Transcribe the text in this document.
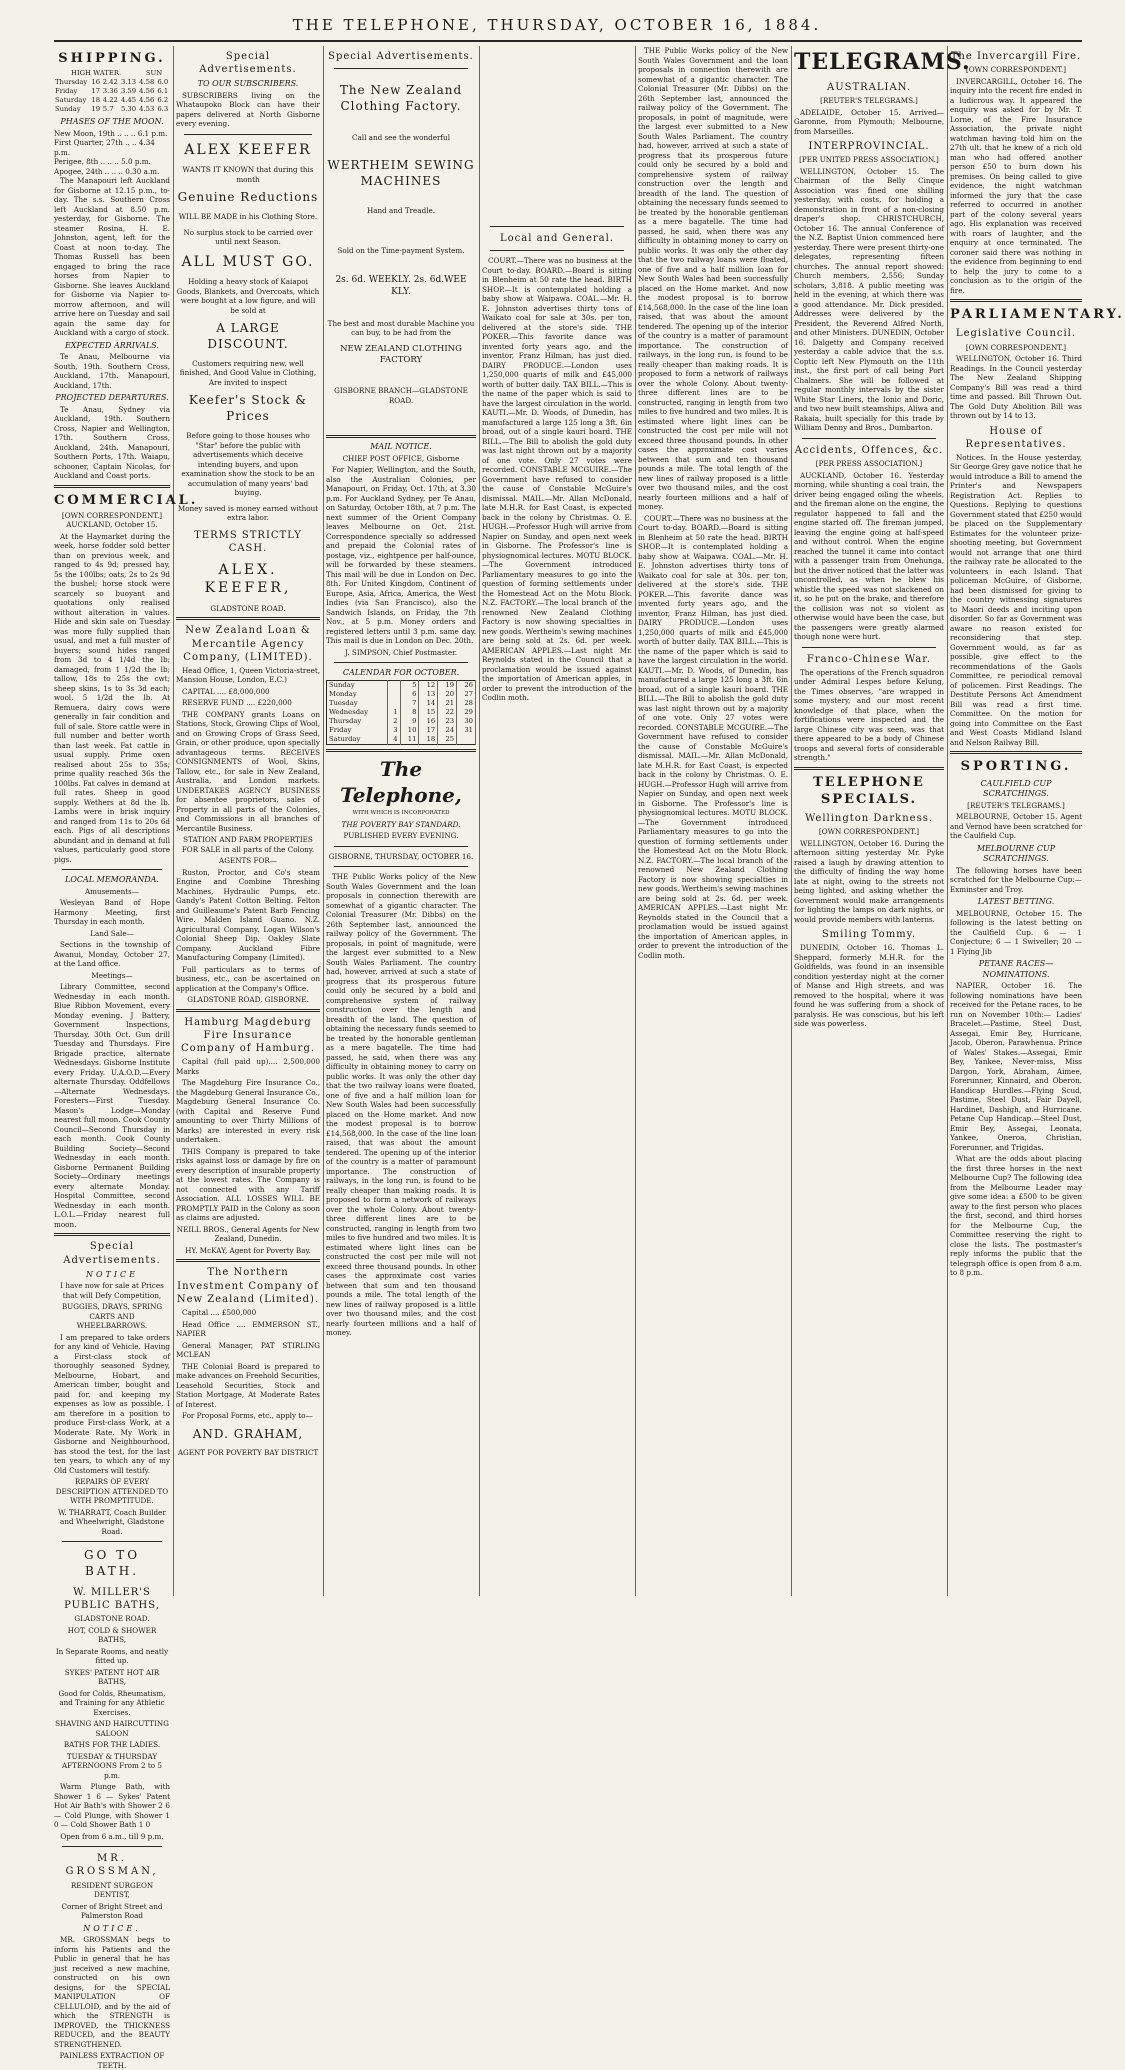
THE TELEPHONE, THURSDAY, OCTOBER 16, 1884.
SHIPPING.
HIGH WATER.				SUN	
Thursday	16	2.42	3.13	4.58	6.0
Friday	17	3.36	3.59	4.56	6.1
Saturday	18	4.22	4.45	4.56	6.2
Sunday	19	5.7	5.30	4.53	6.3
PHASES OF THE MOON.
New Moon, 19th .. .. .. 6.1 p.m.
First Quarter, 27th .. .. 4.34 p.m.
Perigee, 8th .. .. .. 5.0 p.m.
Apogee, 24th .. .. .. 0.30 a.m.

The Manapouri left Auckland for Gisborne at 12.15 p.m., to-day. The s.s. Southern Cross left Auckland at 8.50 p.m. yesterday, for Gisborne. The steamer Rosina, H. E. Johnston, agent, left for the Coast at noon to-day. The Thomas Russell has been engaged to bring the race horses from Napier to Gisborne. She leaves Auckland for Gisborne via Napier to-morrow afternoon, and will arrive here on Tuesday and sail again the same day for Auckland with a cargo of stock.

EXPECTED ARRIVALS.

Te Anau, Melbourne via South, 19th. Southern Cross, Auckland, 17th. Manapouri, Auckland, 17th.

PROJECTED DEPARTURES.

Te Anau, Sydney via Auckland, 19th. Southern Cross, Napier and Wellington, 17th. Southern Cross, Auckland, 24th. Manapouri, Southern Ports, 17th. Waiapu, schooner, Captain Nicolas, for Auckland and Coast ports.

COMMERCIAL.

[OWN CORRESPONDENT.] AUCKLAND, October 15.

At the Haymarket during the week, horse fodder sold better than on previous week, and ranged to 4s 9d; pressed hay, 5s the 100lbs; oats, 2s to 2s 9d the bushel; horse stock were scarcely so buoyant and quotations only realised without alteration in values. Hide and skin sale on Tuesday was more fully supplied than usual, and met a full muster of buyers; sound hides ranged from 3d to 4 1/4d the lb; damaged, from 1 1/2d the lb; tallow, 18s to 25s the cwt; sheep skins, 1s to 3s 3d each; wool, 5 1/2d the lb. At Remuera, dairy cows were generally in fair condition and full of sale. Store cattle were in full number and better worth than last week. Fat cattle in usual supply. Prime oxen realised about 25s to 35s; prime quality reached 36s the 100lbs. Fat calves in demand at full rates. Sheep in good supply. Wethers at 8d the lb. Lambs were in brisk inquiry and ranged from 11s to 20s 6d each. Pigs of all descriptions abundant and in demand at full values, particularly good store pigs.

LOCAL MEMORANDA.

Amusements—

Wesleyan Band of Hope Harmony Meeting, first Thursday in each month.

Land Sale—

Sections in the township of Awanui, Monday, October 27, at the Land office.

Meetings—

Library Committee, second Wednesday in each month. Blue Ribbon Movement, every Monday evening. J Battery, Government Inspections, Thursday, 30th Oct. Gun drill Tuesday and Thursdays. Fire Brigade practice, alternate Wednesdays. Gisborne Institute every Friday. U.A.O.D.—Every alternate Thursday. Oddfellows—Alternate Wednesdays. Foresters—First Tuesday. Mason's Lodge—Monday nearest full moon. Cook County Council—Second Thursday in each month. Cook County Building Society—Second Wednesday in each month. Gisborne Permanent Building Society—Ordinary meetings every alternate Monday. Hospital Committee, second Wednesday in each month. L.O.L.—Friday nearest full moon.

Special Advertisements.
NOTICE

I have now for sale at Prices that will Defy Competition,

BUGGIES, DRAYS, SPRING CARTS AND WHEELBARROWS.

I am prepared to take orders for any kind of Vehicle. Having a First-class stock of thoroughly seasoned Sydney, Melbourne, Hobart, and American timber, bought and paid for, and keeping my expenses as low as possible, I am therefore in a position to produce First-class Work, at a Moderate Rate. My Work in Gisborne and Neighbourhood, has stood the test, for the last ten years, to which any of my Old Customers will testify.

REPAIRS OF EVERY DESCRIPTION ATTENDED TO WITH PROMPTITUDE.

W. THARRATT, Coach Builder and Wheelwright, Gladstone Road.

GO TO BATH.
W. MILLER'S PUBLIC BATHS,

GLADSTONE ROAD.

HOT, COLD & SHOWER BATHS,

In Separate Rooms, and neatly fitted up.

SYKES' PATENT HOT AIR BATHS,

Good for Colds, Rheumatism, and Training for any Athletic Exercises.

SHAVING AND HAIRCUTTING SALOON

BATHS FOR THE LADIES.

TUESDAY & THURSDAY AFTERNOONS From 2 to 5 p.m.

Warm Plunge Bath, with Shower 1 6 — Sykes' Patent Hot Air Bath's with Shower 2 6 — Cold Plunge, with Shower 1 0 — Cold Shower Bath 1 0

Open from 6 a.m., till 9 p.m.

MR. GROSSMAN,

RESIDENT SURGEON DENTIST,

Corner of Bright Street and Palmerston Road

NOTICE.

MR. GROSSMAN begs to inform his Patients and the Public in general that he has just received a new machine, constructed on his own designs, for the SPECIAL MANIPULATION OF CELLULOID, and by the aid of which the STRENGTH is IMPROVED, the THICKNESS REDUCED, and the BEAUTY STRENGTHENED.

PAINLESS EXTRACTION OF TEETH.

Special Advertisements.
TO OUR SUBSCRIBERS.

SUBSCRIBERS living on the Whataupoko Block can have their papers delivered at North Gisborne every evening.

ALEX KEEFER

WANTS IT KNOWN that during this month

Genuine Reductions

WILL BE MADE in his Clothing Store.

No surplus stock to be carried over until next Season.

ALL MUST GO.

Holding a heavy stock of Kaiapoi Goods, Blankets, and Overcoats, which were bought at a low figure, and will be sold at

A LARGE DISCOUNT.

Customers requiring new, well finished, And Good Value in Clothing, Are invited to inspect

Keefer's Stock & Prices

Before going to those houses who "Star" before the public with advertisements which deceive intending buyers, and upon examination show the stock to be an accumulation of many years' bad buying.

Money saved is money earned without extra labor.

TERMS STRICTLY CASH.
ALEX. KEEFER,

GLADSTONE ROAD.

New Zealand Loan & Mercantile Agency Company, (LIMITED).

Head Office, 1, Queen Victoria-street, Mansion House, London, E.C.)

CAPITAL .... £8,000,000

RESERVE FUND .... £220,000

THE COMPANY grants Loans on Stations, Stock, Growing Clips of Wool, and on Growing Crops of Grass Seed, Grain, or other produce, upon specially advantageous terms. RECEIVES CONSIGNMENTS of Wool, Skins, Tallow, etc., for sale in New Zealand, Australia, and London markets. UNDERTAKES AGENCY BUSINESS for absentee proprietors, sales of Property in all parts of the Colonies, and Commissions in all branches of Mercantile Business.

STATION AND FARM PROPERTIES FOR SALE in all parts of the Colony.

AGENTS FOR—

Ruston, Proctor, and Co's steam Engine and Combine Threshing Machines, Hydraulic Pumps, etc. Gandy's Patent Cotton Belting. Felton and Guilleaume's Patent Barb Fencing Wire. Malden Island Guano. N.Z. Agricultural Company. Logan Wilson's Colonial Sheep Dip. Oakley Slate Company. Auckland Fibre Manufacturing Company (Limited).

Full particulars as to terms of business, etc., can be ascertained on application at the Company's Office.

GLADSTONE ROAD, GISBORNE.

Hamburg Magdeburg Fire Insurance Company of Hamburg.

Capital (full paid up).... 2,500,000 Marks

The Magdeburg Fire Insurance Co., the Magdeburg General Insurance Co., Magdeburg General Insurance Co. (with Capital and Reserve Fund amounting to over Thirty Millions of Marks) are interested in every risk undertaken.

THIS Company is prepared to take risks against loss or damage by fire on every description of insurable property at the lowest rates. The Company is not connected with any Tariff Association. ALL LOSSES WILL BE PROMPTLY PAID in the Colony as soon as claims are adjusted.

NEILL BROS., General Agents for New Zealand, Dunedin.

HY. McKAY, Agent for Poverty Bay.

The Northern Investment Company of New Zealand (Limited).

Capital .... £500,000

Head Office .... EMMERSON ST., NAPIER

General Manager, PAT STIRLING MCLEAN

THE Colonial Board is prepared to make advances on Freehold Securities, Leasehold Securities, Stock and Station Mortgage, At Moderate Rates of Interest.

For Proposal Forms, etc., apply to—

AND. GRAHAM,

AGENT FOR POVERTY BAY DISTRICT

Special Advertisements.
The New Zealand Clothing Factory.

Call and see the wonderful

WERTHEIM SEWING MACHINES

Hand and Treadle.

Sold on the Time-payment System.

2s. 6d. WEEKLY. 2s. 6d.WEE KLY.

The best and most durable Machine you can buy, to be had from the

NEW ZEALAND CLOTHING FACTORY

GISBORNE BRANCH—GLADSTONE ROAD.

MAIL NOTICE.

CHIEF POST OFFICE, Gisborne

For Napier, Wellington, and the South, also the Australian Colonies, per Manapouri, on Friday, Oct. 17th, at 3.30 p.m. For Auckland Sydney, per Te Anau, on Saturday, October 18th, at 7 p.m. The next summer of the Orient Company leaves Melbourne on Oct. 21st. Correspondence specially so addressed and prepaid the Colonial rates of postage, viz., eightpence per half-ounce, will be forwarded by these steamers. This mail will be due in London on Dec. 8th. For United Kingdom, Continent of Europe, Asia, Africa, America, the West Indies (via San Francisco), also the Sandwich Islands, on Friday, the 7th Nov., at 5 p.m. Money orders and registered letters until 3 p.m. same day. This mail is due in London on Dec. 20th.

J. SIMPSON, Chief Postmaster.

CALENDAR FOR OCTOBER.
Sunday		5	12	19	26
Monday		6	13	20	27
Tuesday		7	14	21	28
Wednesday	1	8	15	22	29
Thursday	2	9	16	23	30
Friday	3	10	17	24	31
Saturday	4	11	18	25	
The Telephone,

WITH WHICH IS INCORPORATED

THE POVERTY BAY STANDARD.

PUBLISHED EVERY EVENING.

GISBORNE, THURSDAY, OCTOBER 16.

THE Public Works policy of the New South Wales Government and the loan proposals in connection therewith are somewhat of a gigantic character. The Colonial Treasurer (Mr. Dibbs) on the 26th September last, announced the railway policy of the Government. The proposals, in point of magnitude, were the largest ever submitted to a New South Wales Parliament. The country had, however, arrived at such a state of progress that its prosperous future could only be secured by a bold and comprehensive system of railway construction over the length and breadth of the land. The question of obtaining the necessary funds seemed to be treated by the honorable gentleman as a mere bagatelle. The time had passed, he said, when there was any difficulty in obtaining money to carry on public works. It was only the other day that the two railway loans were floated, one of five and a half million loan for New South Wales had been successfully placed on the Home market. And now the modest proposal is to borrow £14,568,000. In the case of the line loan raised, that was about the amount tendered. The opening up of the interior of the country is a matter of paramount importance. The construction of railways, in the long run, is found to be really cheaper than making roads. It is proposed to form a network of railways over the whole Colony. About twenty-three different lines are to be constructed, ranging in length from two miles to five hundred and two miles. It is estimated where light lines can be constructed the cost per mile will not exceed three thousand pounds. In other cases the approximate cost varies between that sum and ten thousand pounds a mile. The total length of the new lines of railway proposed is a little over two thousand miles, and the cost nearly fourteen millions and a half of money.

Local and General.

COURT.—There was no business at the Court to-day. BOARD.—Board is sitting in Blenheim at 50 rate the head. BIRTH SHOP.—It is contemplated holding a baby show at Waipawa. COAL.—Mr. H. E. Johnston advertises thirty tons of Waikato coal for sale at 30s. per ton, delivered at the store's side. THE POKER.—This favorite dance was invented forty years ago, and the inventor, Franz Hilman, has just died. DAIRY PRODUCE.—London uses 1,250,000 quarts of milk and £45,000 worth of butter daily. TAX BILL.—This is the name of the paper which is said to have the largest circulation in the world. KAUTI.—Mr. D. Woods, of Dunedin, has manufactured a large 125 long a 3ft. 6in broad, out of a single kauri board. THE BILL.—The Bill to abolish the gold duty was last night thrown out by a majority of one vote. Only 27 votes were recorded. CONSTABLE MCGUIRE.—The Government have refused to consider the cause of Constable McGuire's dismissal. MAIL.—Mr. Allan McDonald, late M.H.R. for East Coast, is expected back in the colony by Christmas. O. E. HUGH.—Professor Hugh will arrive from Napier on Sunday, and open next week in Gisborne. The Professor's line is physiognomical lectures. MOTU BLOCK.—The Government introduced Parliamentary measures to go into the question of forming settlements under the Homestead Act on the Motu Block. N.Z. FACTORY.—The local branch of the renowned New Zealand Clothing Factory is now showing specialties in new goods. Wertheim's sewing machines are being sold at 2s. 6d. per week. AMERICAN APPLES.—Last night Mr. Reynolds stated in the Council that a proclamation would be issued against the importation of American apples, in order to prevent the introduction of the Codlin moth.

THE Public Works policy of the New South Wales Government and the loan proposals in connection therewith are somewhat of a gigantic character. The Colonial Treasurer (Mr. Dibbs) on the 26th September last, announced the railway policy of the Government. The proposals, in point of magnitude, were the largest ever submitted to a New South Wales Parliament. The country had, however, arrived at such a state of progress that its prosperous future could only be secured by a bold and comprehensive system of railway construction over the length and breadth of the land. The question of obtaining the necessary funds seemed to be treated by the honorable gentleman as a mere bagatelle. The time had passed, he said, when there was any difficulty in obtaining money to carry on public works. It was only the other day that the two railway loans were floated, one of five and a half million loan for New South Wales had been successfully placed on the Home market. And now the modest proposal is to borrow £14,568,000. In the case of the line loan raised, that was about the amount tendered. The opening up of the interior of the country is a matter of paramount importance. The construction of railways, in the long run, is found to be really cheaper than making roads. It is proposed to form a network of railways over the whole Colony. About twenty-three different lines are to be constructed, ranging in length from two miles to five hundred and two miles. It is estimated where light lines can be constructed the cost per mile will not exceed three thousand pounds. In other cases the approximate cost varies between that sum and ten thousand pounds a mile. The total length of the new lines of railway proposed is a little over two thousand miles, and the cost nearly fourteen millions and a half of money.

COURT.—There was no business at the Court to-day. BOARD.—Board is sitting in Blenheim at 50 rate the head. BIRTH SHOP.—It is contemplated holding a baby show at Waipawa. COAL.—Mr. H. E. Johnston advertises thirty tons of Waikato coal for sale at 30s. per ton, delivered at the store's side. THE POKER.—This favorite dance was invented forty years ago, and the inventor, Franz Hilman, has just died. DAIRY PRODUCE.—London uses 1,250,000 quarts of milk and £45,000 worth of butter daily. TAX BILL.—This is the name of the paper which is said to have the largest circulation in the world. KAUTI.—Mr. D. Woods, of Dunedin, has manufactured a large 125 long a 3ft. 6in broad, out of a single kauri board. THE BILL.—The Bill to abolish the gold duty was last night thrown out by a majority of one vote. Only 27 votes were recorded. CONSTABLE MCGUIRE.—The Government have refused to consider the cause of Constable McGuire's dismissal. MAIL.—Mr. Allan McDonald, late M.H.R. for East Coast, is expected back in the colony by Christmas. O. E. HUGH.—Professor Hugh will arrive from Napier on Sunday, and open next week in Gisborne. The Professor's line is physiognomical lectures. MOTU BLOCK.—The Government introduced Parliamentary measures to go into the question of forming settlements under the Homestead Act on the Motu Block. N.Z. FACTORY.—The local branch of the renowned New Zealand Clothing Factory is now showing specialties in new goods. Wertheim's sewing machines are being sold at 2s. 6d. per week. AMERICAN APPLES.—Last night Mr. Reynolds stated in the Council that a proclamation would be issued against the importation of American apples, in order to prevent the introduction of the Codlin moth.

TELEGRAMS.
AUSTRALIAN.

[REUTER'S TELEGRAMS.]

ADELAIDE, October 15. Arrived—Garonne, from Plymouth; Melbourne, from Marseilles.

INTERPROVINCIAL.

[PER UNITED PRESS ASSOCIATION.]

WELLINGTON, October 15. The Chairman of the Belly Cinque Association was fined one shilling yesterday, with costs, for holding a demonstration in front of a non-closing draper's shop. CHRISTCHURCH, October 16. The annual Conference of the N.Z. Baptist Union commenced here yesterday. There were present thirty-one delegates, representing fifteen churches. The annual report showed: Church members, 2,556; Sunday scholars, 3,818. A public meeting was held in the evening, at which there was a good attendance. Mr. Dick presided. Addresses were delivered by the President, the Reverend Alfred North, and other Ministers. DUNEDIN, October 16. Dalgetty and Company received yesterday a cable advice that the s.s. Coptic left New Plymouth on the 11th inst., the first port of call being Port Chalmers. She will be followed at regular monthly intervals by the sister White Star Liners, the Ionic and Doric, and two new built steamships, Aliwa and Rakaia, built specially for this trade by William Denny and Bros., Dumbarton.

Accidents, Offences, &c.

[PER PRESS ASSOCIATION.]

AUCKLAND, October 16. Yesterday morning, while shunting a coal train, the driver being engaged oiling the wheels, and the fireman alone on the engine, the regulator happened to fall and the engine started off. The fireman jumped, leaving the engine going at half-speed and without control. When the engine reached the tunnel it came into contact with a passenger train from Onehunga, but the driver noticed that the latter was uncontrolled, as when he blew his whistle the speed was not slackened on it, so he put on the brake, and therefore the collision was not so violent as otherwise would have been the case, but the passengers were greatly alarmed though none were hurt.

Franco-Chinese War.

The operations of the French squadron under Admiral Lespes before Kelung, the Times observes, "are wrapped in some mystery, and our most recent knowledge of that place, when the fortifications were inspected and the large Chinese city was seen, was that there appeared to be a body of Chinese troops and several forts of considerable strength."

TELEPHONE SPECIALS.
Wellington Darkness.

[OWN CORRESPONDENT.]

WELLINGTON, October 16. During the afternoon sitting yesterday Mr. Pyke raised a laugh by drawing attention to the difficulty of finding the way home late at night, owing to the streets not being lighted, and asking whether the Government would make arrangements for lighting the lamps on dark nights, or would provide members with lanterns.

Smiling Tommy.

DUNEDIN, October 16. Thomas L. Sheppard, formerly M.H.R. for the Goldfields, was found in an insensible condition yesterday night at the corner of Manse and High streets, and was removed to the hospital, where it was found he was suffering from a shock of paralysis. He was conscious, but his left side was powerless.

The Invercargill Fire.

[OWN CORRESPONDENT.]

INVERCARGILL, October 16. The inquiry into the recent fire ended in a ludicrous way. It appeared the enquiry was asked for by Mr. T. Lorne, of the Fire Insurance Association, the private night watchman having told him on the 27th ult. that he knew of a rich old man who had offered another person £50 to burn down his premises. On being called to give evidence, the night watchman informed the jury that the case referred to occurred in another part of the colony several years ago. His explanation was received with roars of laughter, and the enquiry at once terminated. The coroner said there was nothing in the evidence from beginning to end to help the jury to come to a conclusion as to the origin of the fire.

PARLIAMENTARY.
Legislative Council.

[OWN CORRESPONDENT.]

WELLINGTON, October 16. Third Readings. In the Council yesterday The New Zealand Shipping Company's Bill was read a third time and passed. Bill Thrown Out. The Gold Duty Abolition Bill was thrown out by 14 to 13.

House of Representatives.

Notices. In the House yesterday, Sir George Grey gave notice that he would introduce a Bill to amend the Printer's and Newspapers Registration Act. Replies to Questions. Replying to questions Government stated that £250 would be placed on the Supplementary Estimates for the volunteer prize-shooting meeting, but Government would not arrange that one third the railway rate be allocated to the volunteers in each Island. That policeman McGuire, of Gisborne, had been dismissed for giving to the country witnessing signatures to Maori deeds and inciting upon disorder. So far as Government was aware no reason existed for reconsidering that step. Government would, as far as possible, give effect to the recommendations of the Gaols Committee, re periodical removal of policemen. First Readings. The Destitute Persons Act Amendment Bill was read a first time. Committee. On the motion for going into Committee on the East and West Coasts Midland Island and Nelson Railway Bill.

SPORTING.
CAULFIELD CUP SCRATCHINGS.

[REUTER'S TELEGRAMS.]

MELBOURNE, October 15. Agent and Vernod have been scratched for the Caulfield Cup.

MELBOURNE CUP SCRATCHINGS.

The following horses have been scratched for the Melbourne Cup:—Exminster and Troy.

LATEST BETTING.

MELBOURNE, October 15. The following is the latest betting on the Caulfield Cup. 6 — 1 Conjecture; 6 — 1 Swiveller; 20 — 1 Flying Jib

PETANE RACES—NOMINATIONS.

NAPIER, October 16. The following nominations have been received for the Petane races, to be run on November 10th:— Ladies' Bracelet.—Pastime, Steel Dust, Assegai, Emir Bey, Hurricane, Jacob, Oberon, Parawhenua. Prince of Wales' Stakes.—Assegai, Emir Bey, Yankee, Never-miss, Miss Dargon, York, Abraham, Aimee, Forerunner, Kinnaird, and Oberon. Handicap Hurdles.—Flying Scud, Pastime, Steel Dust, Fair Dayell, Hardinet, Dashigh, and Hurricane. Petane Cup Handicap.—Steel Dust, Emir Bey, Assegai, Leonata, Yankee, Oneroa, Christian, Forerunner, and Trigidas.

What are the odds about placing the first three horses in the next Melbourne Cup? The following idea from the Melbourne Leader may give some idea: a £500 to be given away to the first person who places the first, second, and third horses for the Melbourne Cup, the Committee reserving the right to close the lists. The postmaster's reply informs the public that the telegraph office is open from 8 a.m. to 8 p.m.
